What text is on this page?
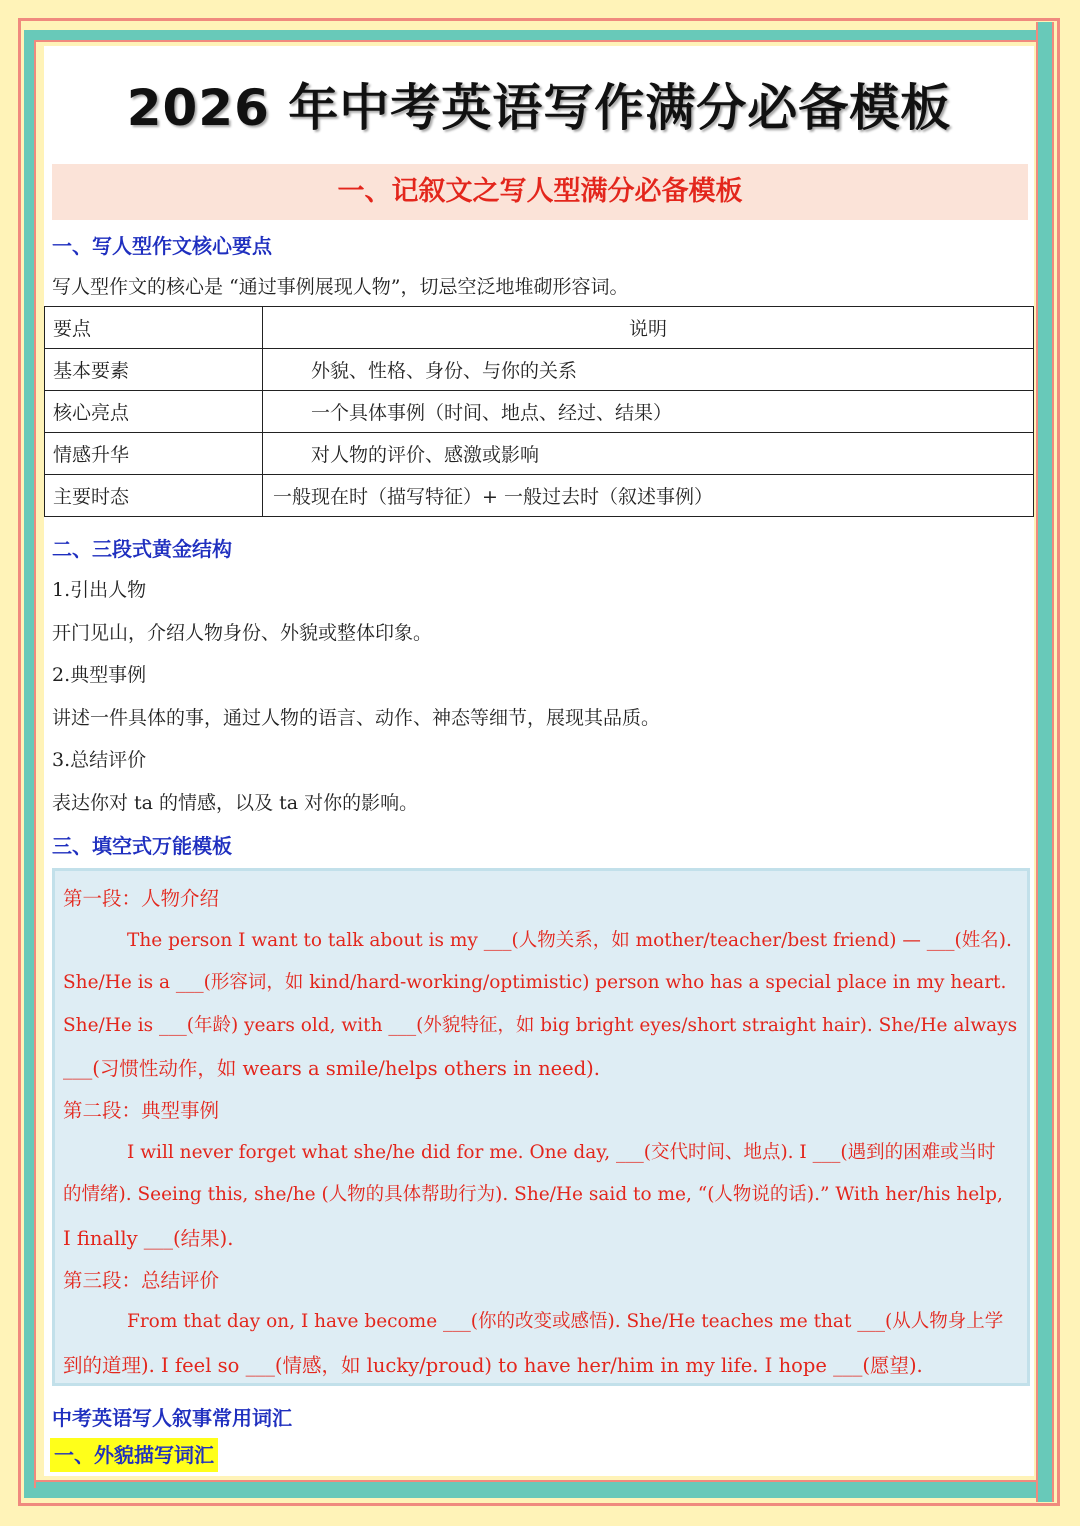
2026 年中考英语写作满分必备模板
一、记叙文之写人型满分必备模板
一、写人型作文核心要点
写人型作文的核心是 “通过事例展现人物”，切忌空泛地堆砌形容词。
要点	说明
基本要素	外貌、性格、身份、与你的关系
核心亮点	一个具体事例（时间、地点、经过、结果）
情感升华	对人物的评价、感激或影响
主要时态	一般现在时（描写特征）+ 一般过去时（叙述事例）
二、三段式黄金结构
1.引出人物
开门见山，介绍人物身份、外貌或整体印象。
2.典型事例
讲述一件具体的事，通过人物的语言、动作、神态等细节，展现其品质。
3.总结评价
表达你对 ta 的情感，以及 ta 对你的影响。
三、填空式万能模板
第一段：人物介绍
The person I want to talk about is my ___(人物关系，如 mother/teacher/best friend) — ___(姓名).
She/He is a ___(形容词，如 kind/hard-working/optimistic) person who has a special place in my heart.
She/He is ___(年龄) years old, with ___(外貌特征，如 big bright eyes/short straight hair). She/He always
___(习惯性动作，如 wears a smile/helps others in need).
第二段：典型事例
I will never forget what she/he did for me. One day, ___(交代时间、地点). I ___(遇到的困难或当时
的情绪). Seeing this, she/he (人物的具体帮助行为). She/He said to me, “(人物说的话).” With her/his help,
I finally ___(结果).
第三段：总结评价
From that day on, I have become ___(你的改变或感悟). She/He teaches me that ___(从人物身上学
到的道理). I feel so ___(情感，如 lucky/proud) to have her/him in my life. I hope ___(愿望).
中考英语写人叙事常用词汇
一、外貌描写词汇
